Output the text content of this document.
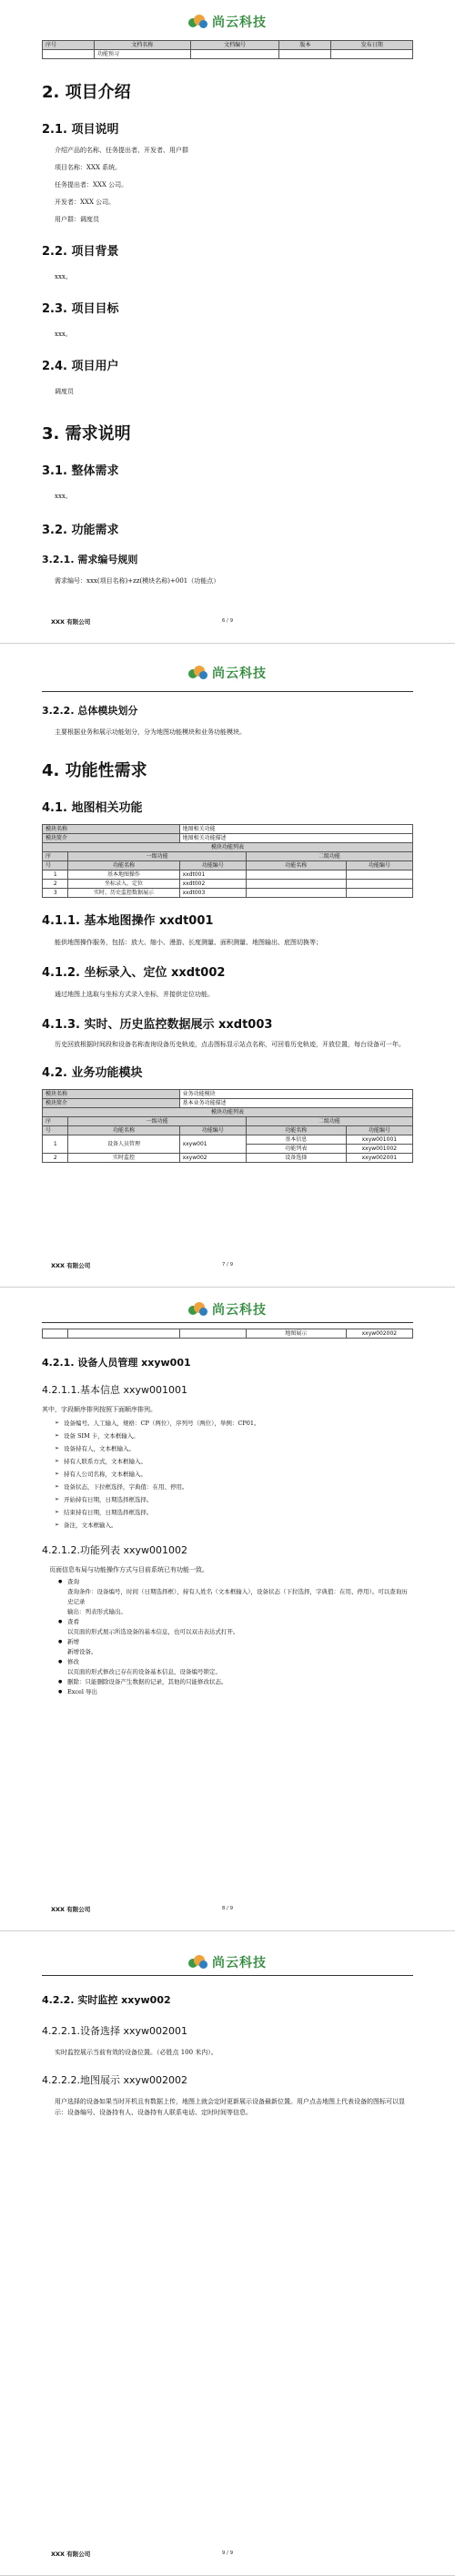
尚云科技
序号	文档名称	文档编号	版本	发布日期
	功能预习			
2. 项目介绍
2.1. 项目说明

介绍产品的名称、任务提出者、开发者、用户群

项目名称：XXX 系统。

任务提出者：XXX 公司。

开发者：XXX 公司。

用户群：调度员

2.2. 项目背景

xxx。

2.3. 项目目标

xxx。

2.4. 项目用户

调度员

3. 需求说明
3.1. 整体需求

xxx。

3.2. 功能需求
3.2.1. 需求编号规则

需求编号：xxx(项目名称)+zz(模块名称)+001（功能点）

XXX 有限公司	6 / 9
尚云科技
3.2.2. 总体模块划分

主要根据业务和展示功能划分，分为地图功能模块和业务功能模块。

4. 功能性需求
4.1. 地图相关功能
模块名称		地图相关功能		
模块简介		地图相关功能描述		
模块功能列表				
序	一级功能		二级功能	
号	功能名称	功能编号	功能名称	功能编号
1	基本地图操作	xxdt001		
2	坐标录入、定位	xxdt002		
3	实时、历史监控数据展示	xxdt003		
4.1.1. 基本地图操作 xxdt001

能供地图操作服务，包括：放大、缩小、漫游、长度测量、面积测量、地图输出、底图切换等；

4.1.2. 坐标录入、定位 xxdt002

通过地图上选取与坐标方式录入坐标，并接供定位功能。

4.1.3. 实时、历史监控数据展示 xxdt003

历史回放根据时间段和设备名称查询设备历史轨迹，点击图标显示站点名称，可回看历史轨迹，开放位置，每台设备可一年。

4.2. 业务功能模块
模块名称		业务功能模块		
模块简介		基本业务功能描述		
模块功能列表				
序	一级功能		二级功能	
号	功能名称	功能编号	功能名称	功能编号
1	设备人员管理	xxyw001	基本信息	xxyw001001
			功能列表	xxyw001002
2	实时监控	xxyw002	设备选择	xxyw002001
XXX 有限公司	7 / 9
尚云科技
			地图展示	xxyw002002
4.2.1. 设备人员管理 xxyw001
4.2.1.1.基本信息 xxyw001001

其中，字段顺序排列按照下面顺序排列。

➢ 设备编号。人工输入，规格：CP（两位），序列号（两位），举例：CP01。
➢ 设备 SIM 卡，文本框输入。
➢ 设备持有人，文本框输入。
➢ 持有人联系方式，文本框输入。
➢ 持有人公司名称，文本框输入。
➢ 设备状态，下拉框选择，字典值：在用、停用。
➢ 开始持有日期，日期选择框选择。
➢ 结束持有日期，日期选择框选择。
➢ 备注，文本框输入。
4.2.1.2.功能列表 xxyw001002

页面信息布局与功能操作方式与目前系统已有功能一致。

● 查询

查询条件：设备编号，时间（日期选择框），持有人姓名（文本框输入），设备状态（下拉选择，字典值：在用、停用）。可以查询历史记录
输出：列表形式输出。

● 查看

以页面的形式展示所选设备的基本信息，也可以双击表达式打开。

● 新增

新增设备。

● 修改

以页面的形式修改已存在的设备基本信息，设备编号锁定。

● 删除：只能删除设备产生数据的记录，其他的只能修改状态。
● Excel 导出
XXX 有限公司	8 / 9
尚云科技
4.2.2. 实时监控 xxyw002
4.2.2.1.设备选择 xxyw002001

实时监控展示当前有效的设备位置。（必胜点 100 米内）。

4.2.2.2.地图展示 xxyw002002

用户选择的设备如果当时开机且有数据上传，地图上就会定时更新展示设备最新位置。用户点击地图上代表设备的图标可以显示：设备编号、设备持有人、设备持有人联系电话、定时时间等信息。

XXX 有限公司	9 / 9
